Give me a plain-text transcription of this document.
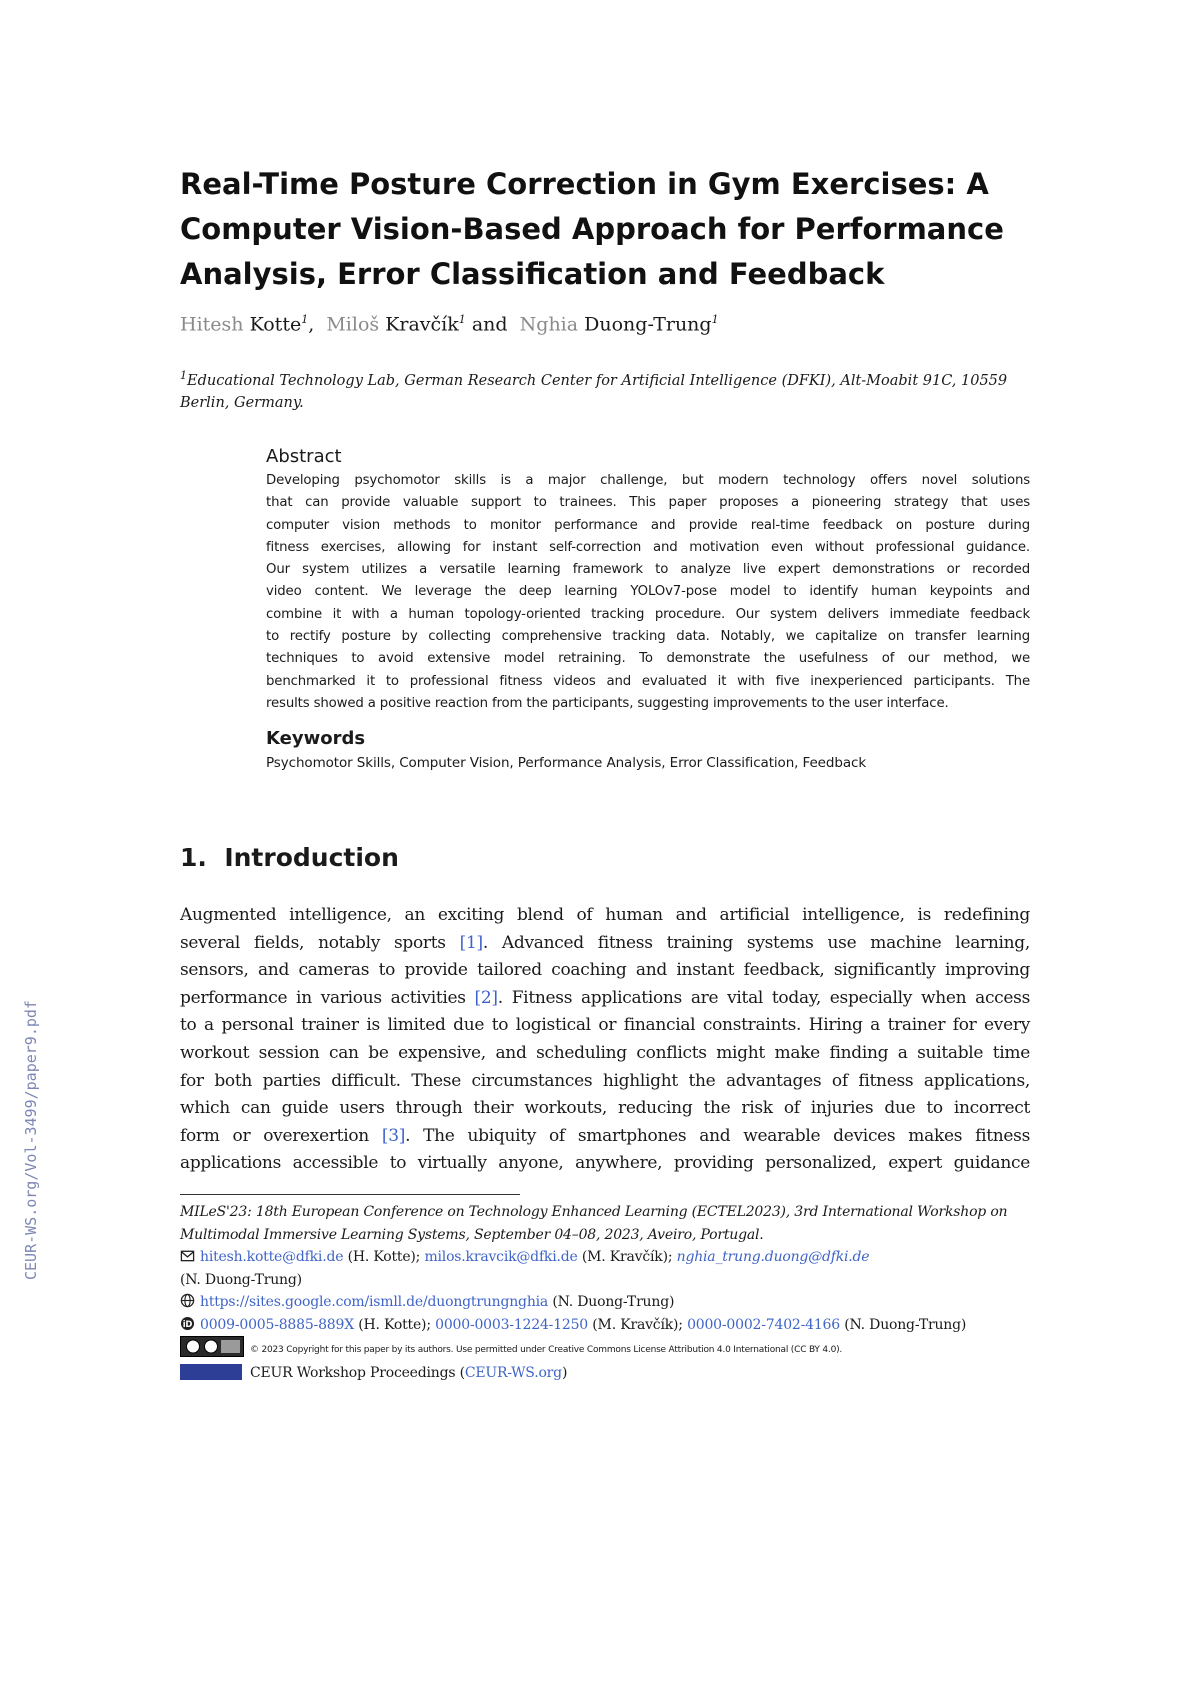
Real-Time Posture Correction in Gym Exercises: A
Computer Vision-Based Approach for Performance
Analysis, Error Classification and Feedback
Hitesh Kotte$^1$, Miloš Kravčík$^1$ and Nghia Duong-Trung$^1$
$^1$Educational Technology Lab, German Research Center for Artificial Intelligence (DFKI), Alt-Moabit 91C, 10559 Berlin, Germany.
Abstract
Developing psychomotor skills is a major challenge, but modern technology offers novel solutions
that can provide valuable support to trainees. This paper proposes a pioneering strategy that uses
computer vision methods to monitor performance and provide real-time feedback on posture during
fitness exercises, allowing for instant self-correction and motivation even without professional guidance.
Our system utilizes a versatile learning framework to analyze live expert demonstrations or recorded
video content. We leverage the deep learning YOLOv7-pose model to identify human keypoints and
combine it with a human topology-oriented tracking procedure. Our system delivers immediate feedback
to rectify posture by collecting comprehensive tracking data. Notably, we capitalize on transfer learning
techniques to avoid extensive model retraining. To demonstrate the usefulness of our method, we
benchmarked it to professional fitness videos and evaluated it with five inexperienced participants. The
results showed a positive reaction from the participants, suggesting improvements to the user interface.
Keywords
Psychomotor Skills, Computer Vision, Performance Analysis, Error Classification, Feedback
1. Introduction
Augmented intelligence, an exciting blend of human and artificial intelligence, is redefining
several fields, notably sports [1]. Advanced fitness training systems use machine learning,
sensors, and cameras to provide tailored coaching and instant feedback, significantly improving
performance in various activities [2]. Fitness applications are vital today, especially when access
to a personal trainer is limited due to logistical or financial constraints. Hiring a trainer for every
workout session can be expensive, and scheduling conflicts might make finding a suitable time
for both parties difficult. These circumstances highlight the advantages of fitness applications,
which can guide users through their workouts, reducing the risk of injuries due to incorrect
form or overexertion [3]. The ubiquity of smartphones and wearable devices makes fitness
applications accessible to virtually anyone, anywhere, providing personalized, expert guidance
MILeS'23: 18th European Conference on Technology Enhanced Learning (ECTEL2023), 3rd International Workshop on
Multimodal Immersive Learning Systems, September 04–08, 2023, Aveiro, Portugal.
hitesh.kotte@dfki.de (H. Kotte); milos.kravcik@dfki.de (M. Kravčík); nghia_trung.duong@dfki.de
(N. Duong-Trung)
https://sites.google.com/ismll.de/duongtrungnghia (N. Duong-Trung)
iD 0009-0005-8885-889X (H. Kotte); 0000-0003-1224-1250 (M. Kravčík); 0000-0002-7402-4166 (N. Duong-Trung)
© 2023 Copyright for this paper by its authors. Use permitted under Creative Commons License Attribution 4.0 International (CC BY 4.0).
CEUR Workshop Proceedings (CEUR-WS.org)
CEUR-WS.org/Vol-3499/paper9.pdf
